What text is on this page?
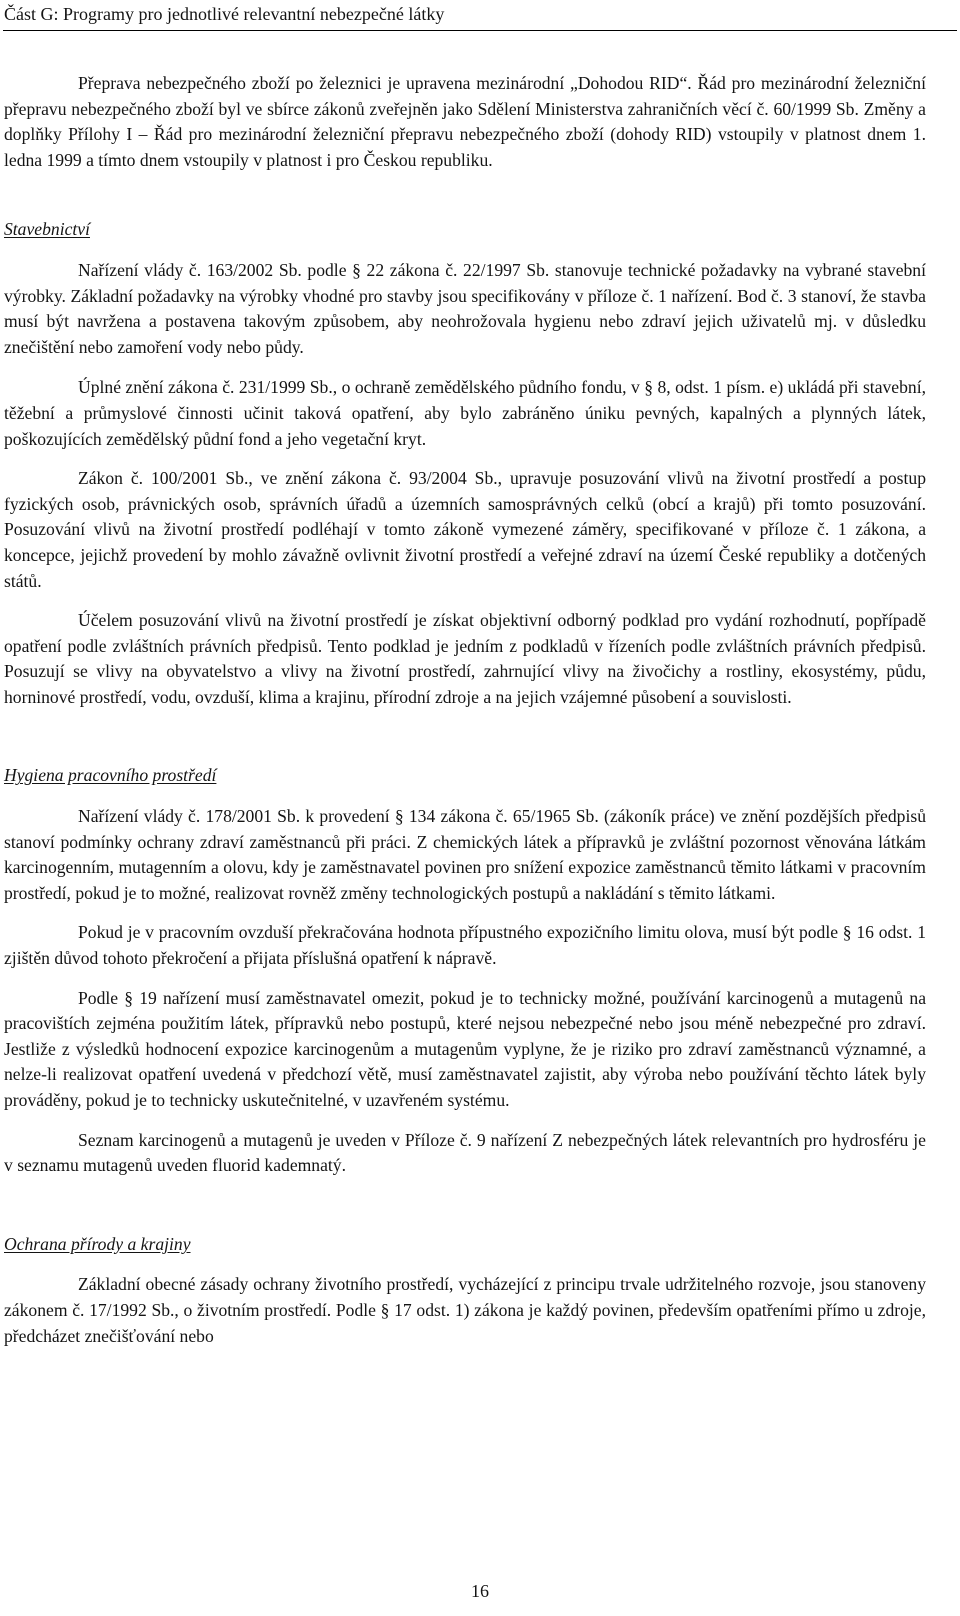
Část G: Programy pro jednotlivé relevantní nebezpečné látky

Přeprava nebezpečného zboží po železnici je upravena mezinárodní „Dohodou RID“. Řád pro mezinárodní železniční přepravu nebezpečného zboží byl ve sbírce zákonů zveřejněn jako Sdělení Ministerstva zahraničních věcí č. 60/1999 Sb. Změny a doplňky Přílohy I – Řád pro mezinárodní železniční přepravu nebezpečného zboží (dohody RID) vstoupily v platnost dnem 1. ledna 1999 a tímto dnem vstoupily v platnost i pro Českou republiku.

Stavebnictví

Nařízení vlády č. 163/2002 Sb. podle § 22 zákona č. 22/1997 Sb. stanovuje technické požadavky na vybrané stavební výrobky. Základní požadavky na výrobky vhodné pro stavby jsou specifikovány v příloze č. 1 nařízení. Bod č. 3 stanoví, že stavba musí být navržena a postavena takovým způsobem, aby neohrožovala hygienu nebo zdraví jejich uživatelů mj. v důsledku znečištění nebo zamoření vody nebo půdy.

Úplné znění zákona č. 231/1999 Sb., o ochraně zemědělského půdního fondu, v § 8, odst. 1 písm. e) ukládá při stavební, těžební a průmyslové činnosti učinit taková opatření, aby bylo zabráněno úniku pevných, kapalných a plynných látek, poškozujících zemědělský půdní fond a jeho vegetační kryt.

Zákon č. 100/2001 Sb., ve znění zákona č. 93/2004 Sb., upravuje posuzování vlivů na životní prostředí a postup fyzických osob, právnických osob, správních úřadů a územních samosprávných celků (obcí a krajů) při tomto posuzování. Posuzování vlivů na životní prostředí podléhají v tomto zákoně vymezené záměry, specifikované v příloze č. 1 zákona, a koncepce, jejichž provedení by mohlo závažně ovlivnit životní prostředí a veřejné zdraví na území České republiky a dotčených států.

Účelem posuzování vlivů na životní prostředí je získat objektivní odborný podklad pro vydání rozhodnutí, popřípadě opatření podle zvláštních právních předpisů. Tento podklad je jedním z podkladů v řízeních podle zvláštních právních předpisů. Posuzují se vlivy na obyvatelstvo a vlivy na životní prostředí, zahrnující vlivy na živočichy a rostliny, ekosystémy, půdu, horninové prostředí, vodu, ovzduší, klima a krajinu, přírodní zdroje a na jejich vzájemné působení a souvislosti.

Hygiena pracovního prostředí

Nařízení vlády č. 178/2001 Sb. k provedení § 134 zákona č. 65/1965 Sb. (zákoník práce) ve znění pozdějších předpisů stanoví podmínky ochrany zdraví zaměstnanců při práci. Z chemických látek a přípravků je zvláštní pozornost věnována látkám karcinogenním, mutagenním a olovu, kdy je zaměstnavatel povinen pro snížení expozice zaměstnanců těmito látkami v pracovním prostředí, pokud je to možné, realizovat rovněž změny technologických postupů a nakládání s těmito látkami.

Pokud je v pracovním ovzduší překračována hodnota přípustného expozičního limitu olova, musí být podle § 16 odst. 1 zjištěn důvod tohoto překročení a přijata příslušná opatření k nápravě.

Podle § 19 nařízení musí zaměstnavatel omezit, pokud je to technicky možné, používání karcinogenů a mutagenů na pracovištích zejména použitím látek, přípravků nebo postupů, které nejsou nebezpečné nebo jsou méně nebezpečné pro zdraví. Jestliže z výsledků hodnocení expozice karcinogenům a mutagenům vyplyne, že je riziko pro zdraví zaměstnanců významné, a nelze-li realizovat opatření uvedená v předchozí větě, musí zaměstnavatel zajistit, aby výroba nebo používání těchto látek byly prováděny, pokud je to technicky uskutečnitelné, v uzavřeném systému.

Seznam karcinogenů a mutagenů je uveden v Příloze č. 9 nařízení Z nebezpečných látek relevantních pro hydrosféru je v seznamu mutagenů uveden fluorid kademnatý.

Ochrana přírody a krajiny

Základní obecné zásady ochrany životního prostředí, vycházející z principu trvale udržitelného rozvoje, jsou stanoveny zákonem č. 17/1992 Sb., o životním prostředí. Podle § 17 odst. 1) zákona je každý povinen, především opatřeními přímo u zdroje, předcházet znečišťování nebo

16
